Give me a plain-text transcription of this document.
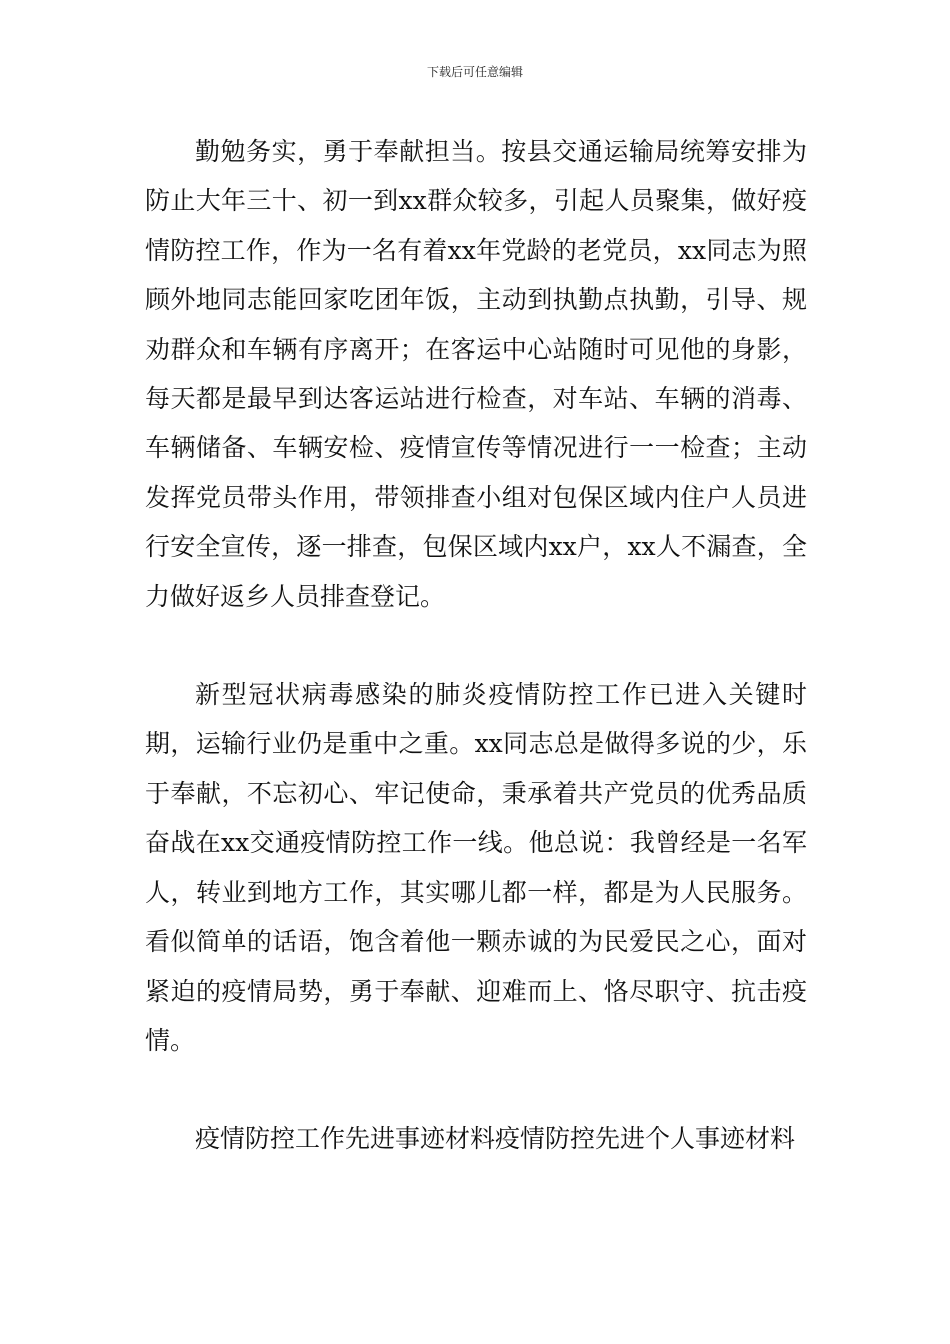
下载后可任意编辑

勤勉务实，勇于奉献担当。按县交通运输局统筹安排为防止大年三十、初一到xx群众较多，引起人员聚集，做好疫情防控工作，作为一名有着xx年党龄的老党员，xx同志为照顾外地同志能回家吃团年饭，主动到执勤点执勤，引导、规劝群众和车辆有序离开；在客运中心站随时可见他的身影，每天都是最早到达客运站进行检查，对车站、车辆的消毒、车辆储备、车辆安检、疫情宣传等情况进行一一检查；主动发挥党员带头作用，带领排查小组对包保区域内住户人员进行安全宣传，逐一排查，包保区域内xx户，xx人不漏查，全力做好返乡人员排查登记。

新型冠状病毒感染的肺炎疫情防控工作已进入关键时期，运输行业仍是重中之重。xx同志总是做得多说的少，乐于奉献，不忘初心、牢记使命，秉承着共产党员的优秀品质奋战在xx交通疫情防控工作一线。他总说：我曾经是一名军人，转业到地方工作，其实哪儿都一样，都是为人民服务。看似简单的话语，饱含着他一颗赤诚的为民爱民之心，面对紧迫的疫情局势，勇于奉献、迎难而上、恪尽职守、抗击疫情。

疫情防控工作先进事迹材料疫情防控先进个人事迹材料
